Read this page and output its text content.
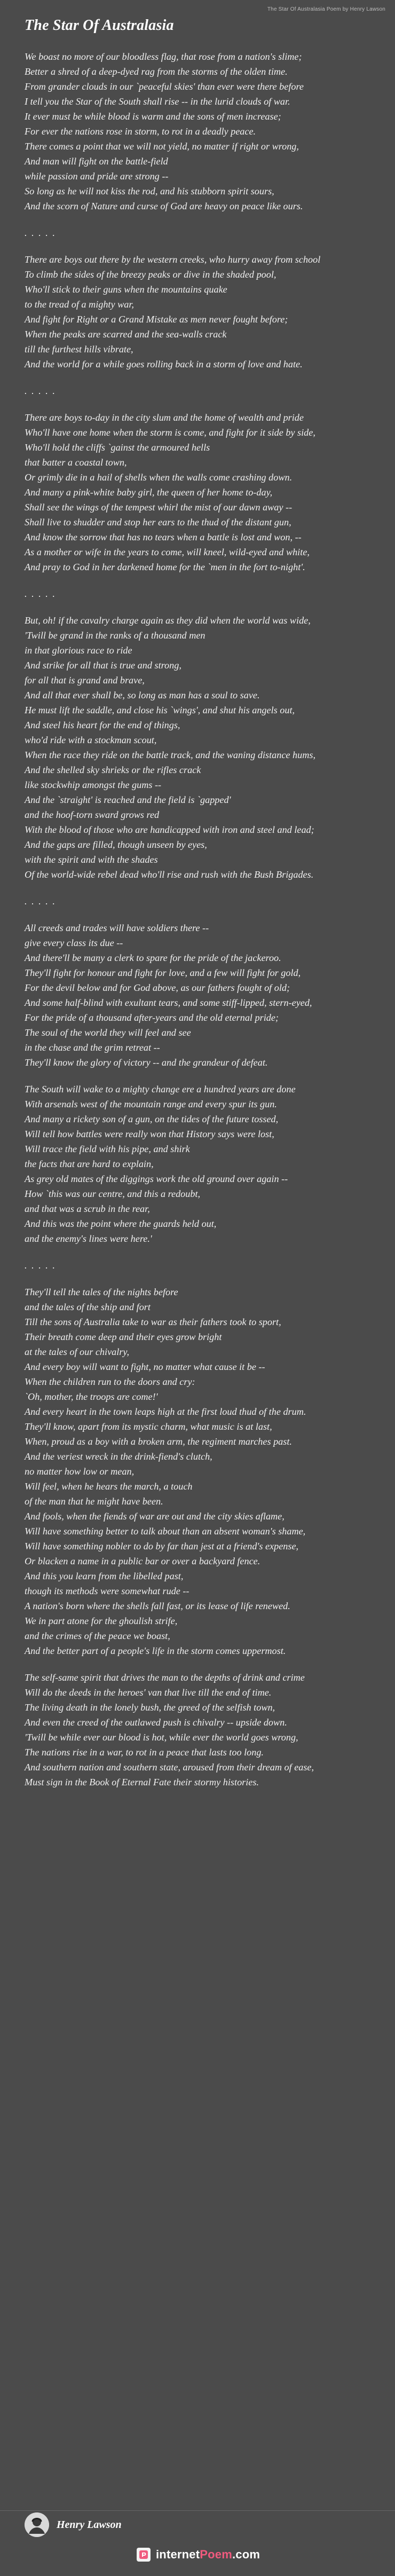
The Star Of Australasia Poem by Henry Lawson
The Star Of Australasia
We boast no more of our bloodless flag, that rose from a nation's slime;
Better a shred of a deep-dyed rag from the storms of the olden time.
From grander clouds in our `peaceful skies' than ever were there before
I tell you the Star of the South shall rise -- in the lurid clouds of war.
It ever must be while blood is warm and the sons of men increase;
For ever the nations rose in storm, to rot in a deadly peace.
There comes a point that we will not yield, no matter if right or wrong,
And man will fight on the battle-field
while passion and pride are strong --
So long as he will not kiss the rod, and his stubborn spirit sours,
And the scorn of Nature and curse of God are heavy on peace like ours.
. . . . .
There are boys out there by the western creeks, who hurry away from school
To climb the sides of the breezy peaks or dive in the shaded pool,
Who'll stick to their guns when the mountains quake
to the tread of a mighty war,
And fight for Right or a Grand Mistake as men never fought before;
When the peaks are scarred and the sea-walls crack
till the furthest hills vibrate,
And the world for a while goes rolling back in a storm of love and hate.
. . . . .
There are boys to-day in the city slum and the home of wealth and pride
Who'll have one home when the storm is come, and fight for it side by side,
Who'll hold the cliffs `gainst the armoured hells
that batter a coastal town,
Or grimly die in a hail of shells when the walls come crashing down.
And many a pink-white baby girl, the queen of her home to-day,
Shall see the wings of the tempest whirl the mist of our dawn away --
Shall live to shudder and stop her ears to the thud of the distant gun,
And know the sorrow that has no tears when a battle is lost and won, --
As a mother or wife in the years to come, will kneel, wild-eyed and white,
And pray to God in her darkened home for the `men in the fort to-night'.
. . . . .
But, oh! if the cavalry charge again as they did when the world was wide,
'Twill be grand in the ranks of a thousand men
in that glorious race to ride
And strike for all that is true and strong,
for all that is grand and brave,
And all that ever shall be, so long as man has a soul to save.
He must lift the saddle, and close his `wings', and shut his angels out,
And steel his heart for the end of things,
who'd ride with a stockman scout,
When the race they ride on the battle track, and the waning distance hums,
And the shelled sky shrieks or the rifles crack
like stockwhip amongst the gums --
And the `straight' is reached and the field is `gapped'
and the hoof-torn sward grows red
With the blood of those who are handicapped with iron and steel and lead;
And the gaps are filled, though unseen by eyes,
with the spirit and with the shades
Of the world-wide rebel dead who'll rise and rush with the Bush Brigades.
. . . . .
All creeds and trades will have soldiers there --
give every class its due --
And there'll be many a clerk to spare for the pride of the jackeroo.
They'll fight for honour and fight for love, and a few will fight for gold,
For the devil below and for God above, as our fathers fought of old;
And some half-blind with exultant tears, and some stiff-lipped, stern-eyed,
For the pride of a thousand after-years and the old eternal pride;
The soul of the world they will feel and see
in the chase and the grim retreat --
They'll know the glory of victory -- and the grandeur of defeat.
The South will wake to a mighty change ere a hundred years are done
With arsenals west of the mountain range and every spur its gun.
And many a rickety son of a gun, on the tides of the future tossed,
Will tell how battles were really won that History says were lost,
Will trace the field with his pipe, and shirk
the facts that are hard to explain,
As grey old mates of the diggings work the old ground over again --
How `this was our centre, and this a redoubt,
and that was a scrub in the rear,
And this was the point where the guards held out,
and the enemy's lines were here.'
. . . . .
They'll tell the tales of the nights before
and the tales of the ship and fort
Till the sons of Australia take to war as their fathers took to sport,
Their breath come deep and their eyes grow bright
at the tales of our chivalry,
And every boy will want to fight, no matter what cause it be --
When the children run to the doors and cry:
`Oh, mother, the troops are come!'
And every heart in the town leaps high at the first loud thud of the drum.
They'll know, apart from its mystic charm, what music is at last,
When, proud as a boy with a broken arm, the regiment marches past.
And the veriest wreck in the drink-fiend's clutch,
no matter how low or mean,
Will feel, when he hears the march, a touch
of the man that he might have been.
And fools, when the fiends of war are out and the city skies aflame,
Will have something better to talk about than an absent woman's shame,
Will have something nobler to do by far than jest at a friend's expense,
Or blacken a name in a public bar or over a backyard fence.
And this you learn from the libelled past,
though its methods were somewhat rude --
A nation's born where the shells fall fast, or its lease of life renewed.
We in part atone for the ghoulish strife,
and the crimes of the peace we boast,
And the better part of a people's life in the storm comes uppermost.
The self-same spirit that drives the man to the depths of drink and crime
Will do the deeds in the heroes' van that live till the end of time.
The living death in the lonely bush, the greed of the selfish town,
And even the creed of the outlawed push is chivalry -- upside down.
'Twill be while ever our blood is hot, while ever the world goes wrong,
The nations rise in a war, to rot in a peace that lasts too long.
And southern nation and southern state, aroused from their dream of ease,
Must sign in the Book of Eternal Fate their stormy histories.
Henry Lawson
internetPoem.com
